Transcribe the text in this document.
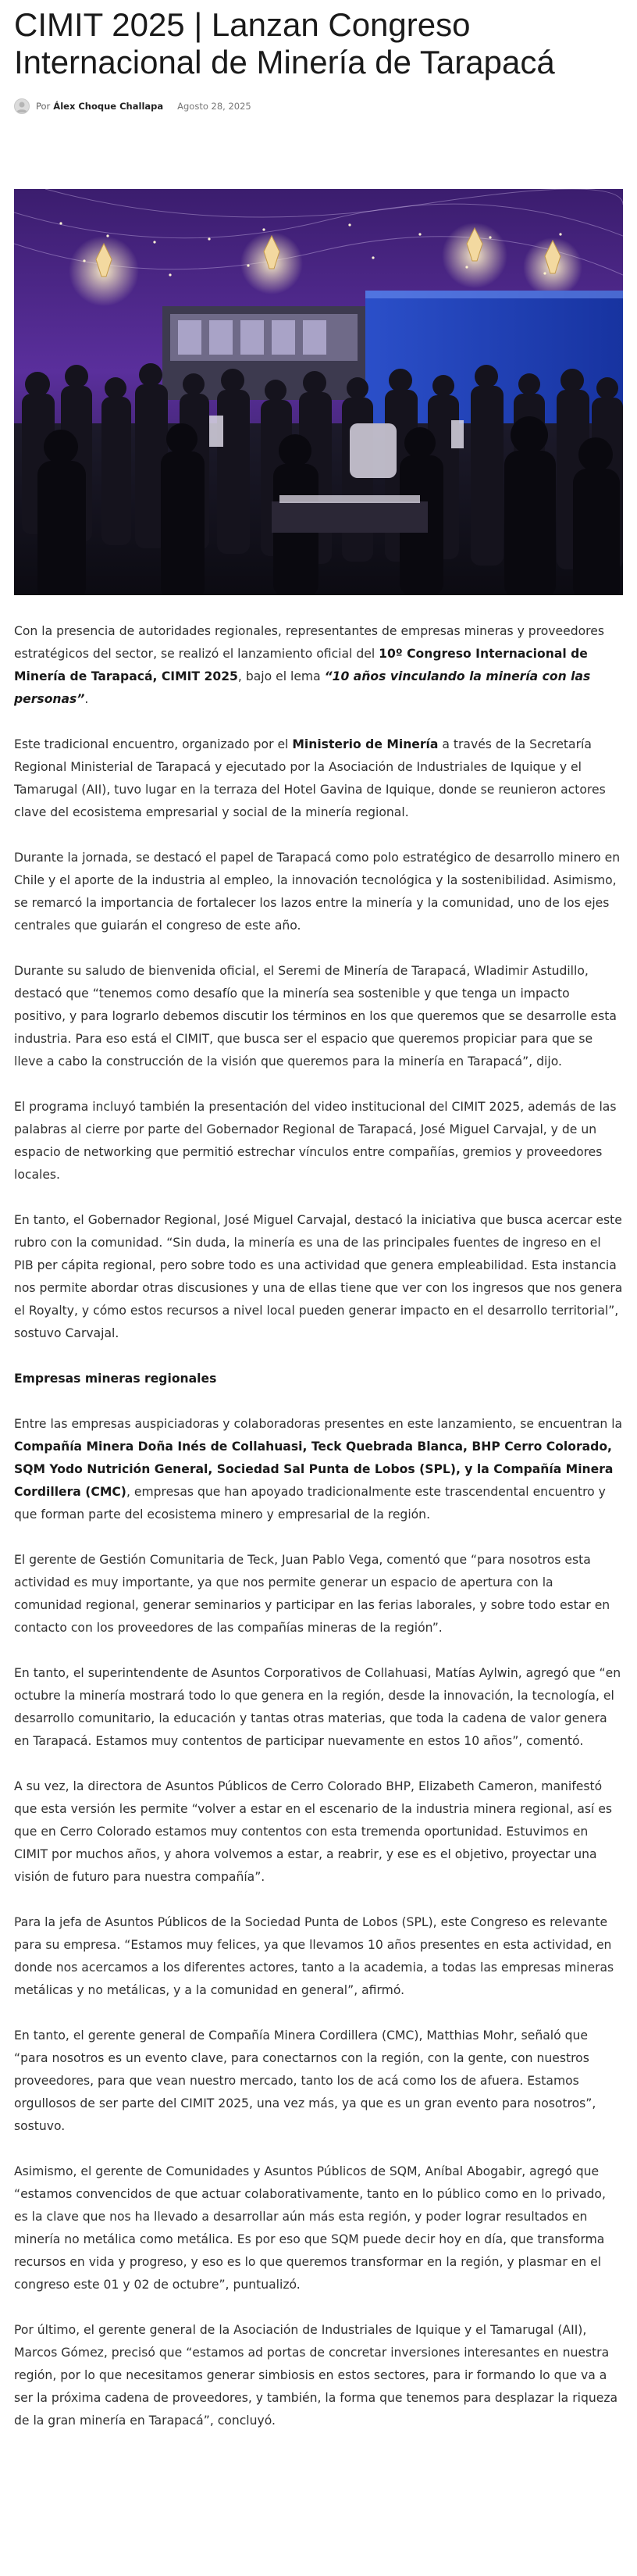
CIMIT 2025 | Lanzan Congreso Internacional de Minería de Tarapacá
Por Álex Choque Challapa Agosto 28, 2025

Con la presencia de autoridades regionales, representantes de empresas mineras y proveedores estratégicos del sector, se realizó el lanzamiento oficial del 10º Congreso Internacional de Minería de Tarapacá, CIMIT 2025, bajo el lema “10 años vinculando la minería con las personas”.

Este tradicional encuentro, organizado por el Ministerio de Minería a través de la Secretaría Regional Ministerial de Tarapacá y ejecutado por la Asociación de Industriales de Iquique y el Tamarugal (AII), tuvo lugar en la terraza del Hotel Gavina de Iquique, donde se reunieron actores clave del ecosistema empresarial y social de la minería regional.

Durante la jornada, se destacó el papel de Tarapacá como polo estratégico de desarrollo minero en Chile y el aporte de la industria al empleo, la innovación tecnológica y la sostenibilidad. Asimismo, se remarcó la importancia de fortalecer los lazos entre la minería y la comunidad, uno de los ejes centrales que guiarán el congreso de este año.

Durante su saludo de bienvenida oficial, el Seremi de Minería de Tarapacá, Wladimir Astudillo, destacó que “tenemos como desafío que la minería sea sostenible y que tenga un impacto positivo, y para lograrlo debemos discutir los términos en los que queremos que se desarrolle esta industria. Para eso está el CIMIT, que busca ser el espacio que queremos propiciar para que se lleve a cabo la construcción de la visión que queremos para la minería en Tarapacá”, dijo.

El programa incluyó también la presentación del video institucional del CIMIT 2025, además de las palabras al cierre por parte del Gobernador Regional de Tarapacá, José Miguel Carvajal, y de un espacio de networking que permitió estrechar vínculos entre compañías, gremios y proveedores locales.

En tanto, el Gobernador Regional, José Miguel Carvajal, destacó la iniciativa que busca acercar este rubro con la comunidad. “Sin duda, la minería es una de las principales fuentes de ingreso en el PIB per cápita regional, pero sobre todo es una actividad que genera empleabilidad. Esta instancia nos permite abordar otras discusiones y una de ellas tiene que ver con los ingresos que nos genera el Royalty, y cómo estos recursos a nivel local pueden generar impacto en el desarrollo territorial”, sostuvo Carvajal.

Empresas mineras regionales

Entre las empresas auspiciadoras y colaboradoras presentes en este lanzamiento, se encuentran la Compañía Minera Doña Inés de Collahuasi, Teck Quebrada Blanca, BHP Cerro Colorado, SQM Yodo Nutrición General, Sociedad Sal Punta de Lobos (SPL), y la Compañía Minera Cordillera (CMC), empresas que han apoyado tradicionalmente este trascendental encuentro y que forman parte del ecosistema minero y empresarial de la región.

El gerente de Gestión Comunitaria de Teck, Juan Pablo Vega, comentó que “para nosotros esta actividad es muy importante, ya que nos permite generar un espacio de apertura con la comunidad regional, generar seminarios y participar en las ferias laborales, y sobre todo estar en contacto con los proveedores de las compañías mineras de la región”.

En tanto, el superintendente de Asuntos Corporativos de Collahuasi, Matías Aylwin, agregó que “en octubre la minería mostrará todo lo que genera en la región, desde la innovación, la tecnología, el desarrollo comunitario, la educación y tantas otras materias, que toda la cadena de valor genera en Tarapacá. Estamos muy contentos de participar nuevamente en estos 10 años”, comentó.

A su vez, la directora de Asuntos Públicos de Cerro Colorado BHP, Elizabeth Cameron, manifestó que esta versión les permite “volver a estar en el escenario de la industria minera regional, así es que en Cerro Colorado estamos muy contentos con esta tremenda oportunidad. Estuvimos en CIMIT por muchos años, y ahora volvemos a estar, a reabrir, y ese es el objetivo, proyectar una visión de futuro para nuestra compañía”.

Para la jefa de Asuntos Públicos de la Sociedad Punta de Lobos (SPL), este Congreso es relevante para su empresa. “Estamos muy felices, ya que llevamos 10 años presentes en esta actividad, en donde nos acercamos a los diferentes actores, tanto a la academia, a todas las empresas mineras metálicas y no metálicas, y a la comunidad en general”, afirmó.

En tanto, el gerente general de Compañía Minera Cordillera (CMC), Matthias Mohr, señaló que “para nosotros es un evento clave, para conectarnos con la región, con la gente, con nuestros proveedores, para que vean nuestro mercado, tanto los de acá como los de afuera. Estamos orgullosos de ser parte del CIMIT 2025, una vez más, ya que es un gran evento para nosotros”, sostuvo.

Asimismo, el gerente de Comunidades y Asuntos Públicos de SQM, Aníbal Abogabir, agregó que “estamos convencidos de que actuar colaborativamente, tanto en lo público como en lo privado, es la clave que nos ha llevado a desarrollar aún más esta región, y poder lograr resultados en minería no metálica como metálica. Es por eso que SQM puede decir hoy en día, que transforma recursos en vida y progreso, y eso es lo que queremos transformar en la región, y plasmar en el congreso este 01 y 02 de octubre”, puntualizó.

Por último, el gerente general de la Asociación de Industriales de Iquique y el Tamarugal (AII), Marcos Gómez, precisó que “estamos ad portas de concretar inversiones interesantes en nuestra región, por lo que necesitamos generar simbiosis en estos sectores, para ir formando lo que va a ser la próxima cadena de proveedores, y también, la forma que tenemos para desplazar la riqueza de la gran minería en Tarapacá”, concluyó.
